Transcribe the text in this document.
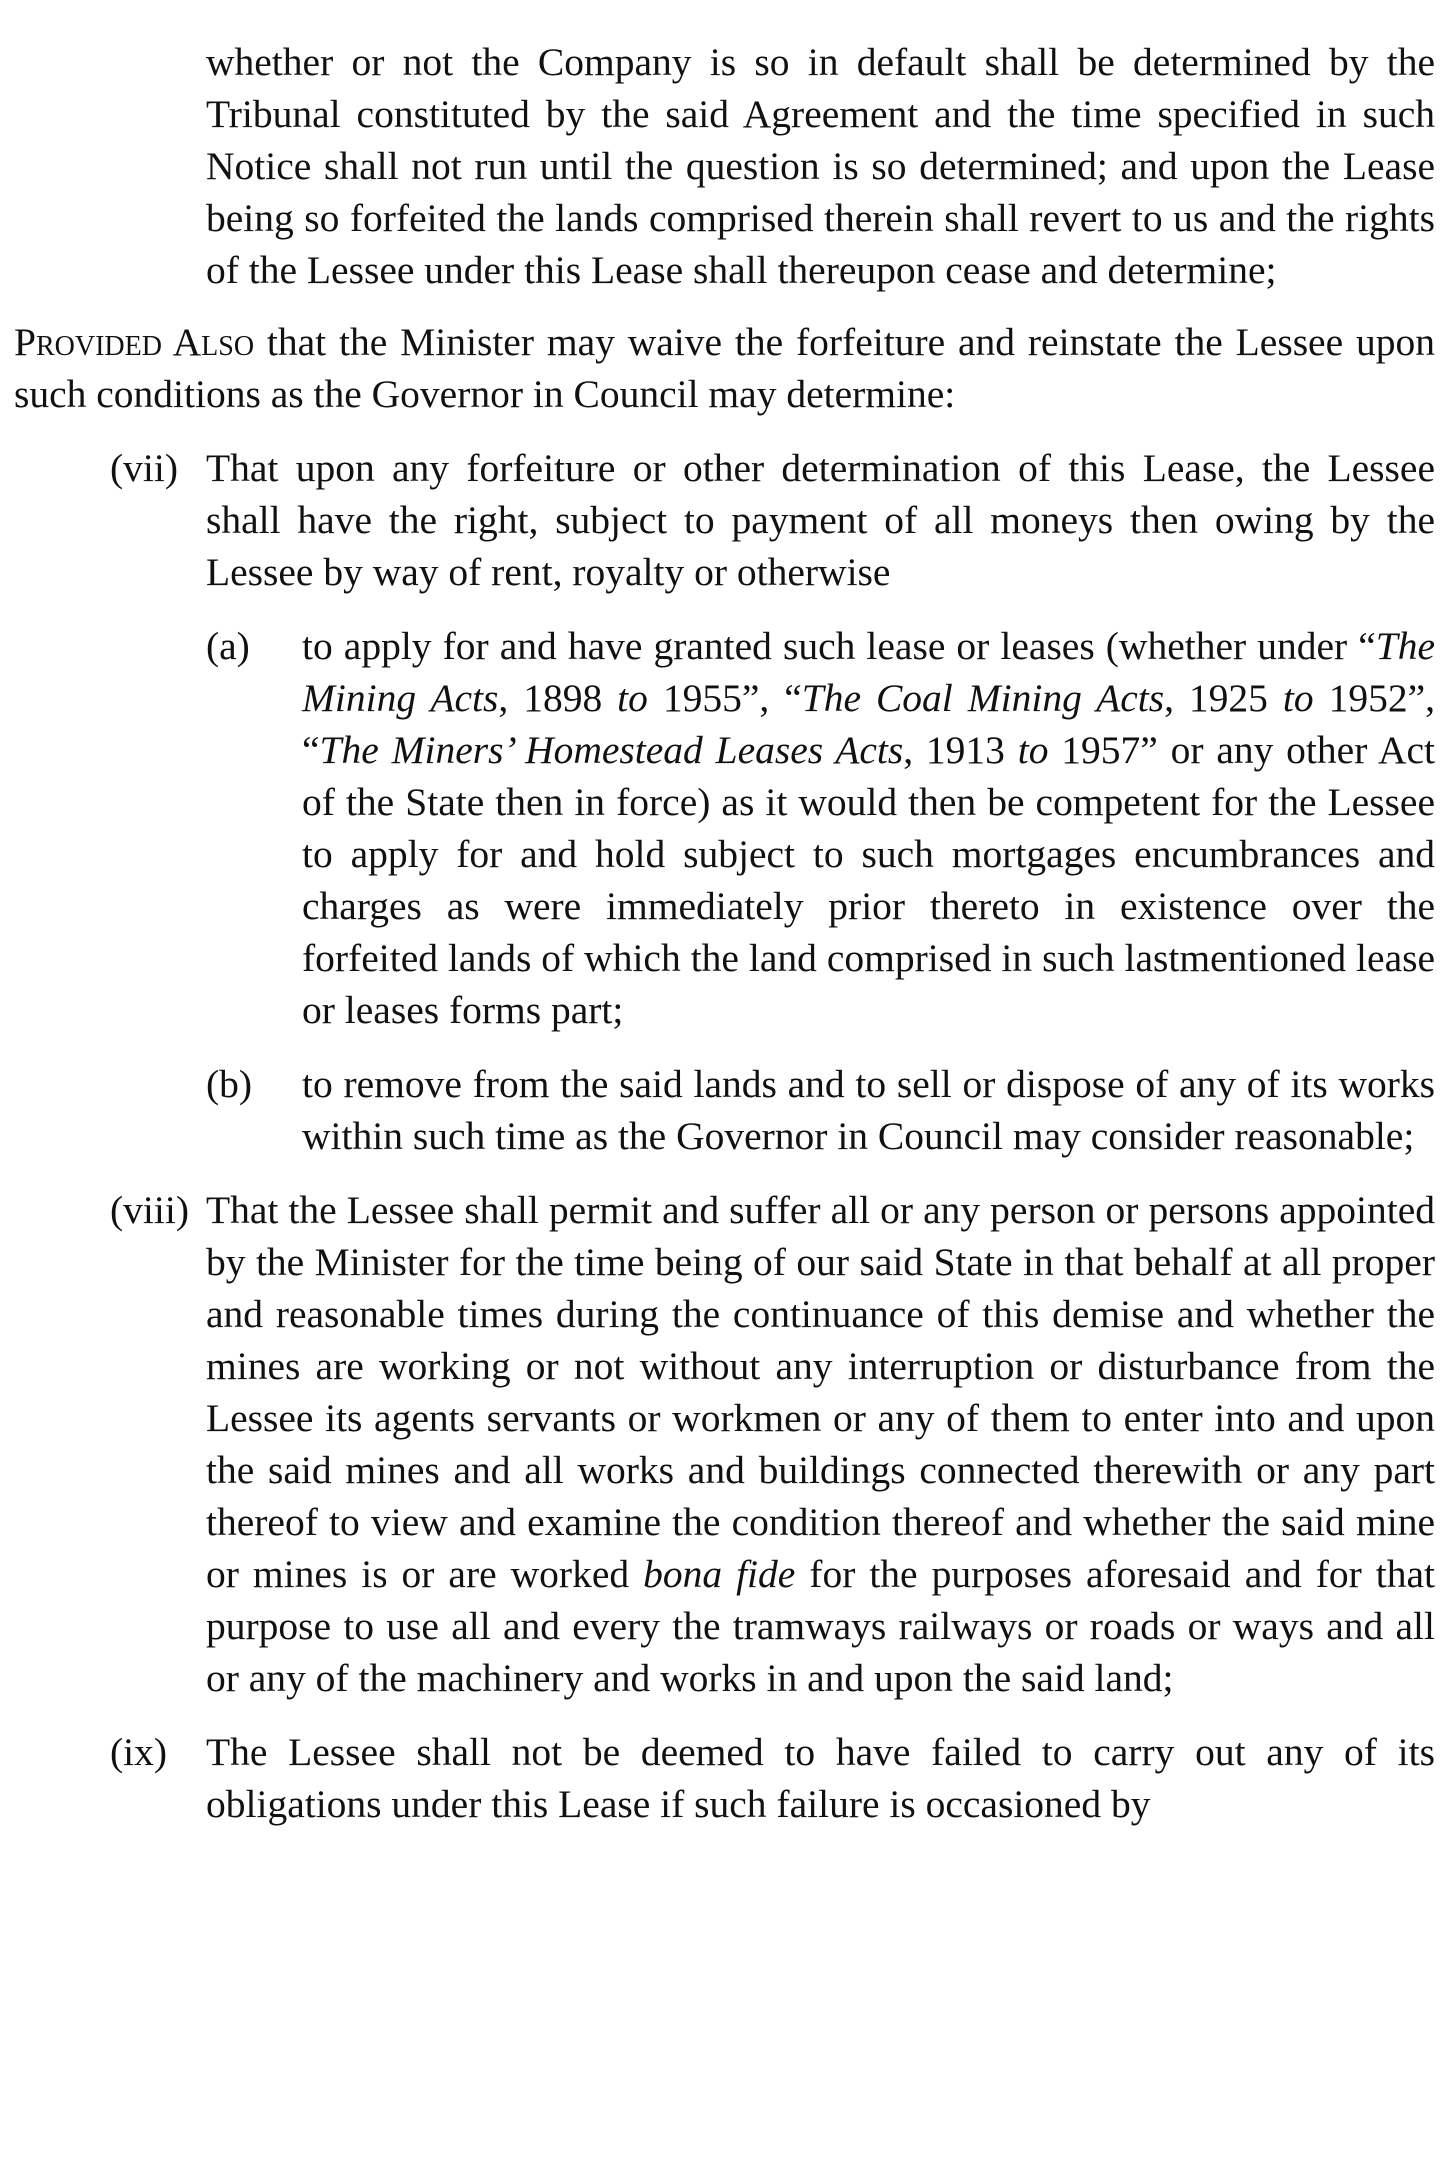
whether or not the Company is so in default shall be determined by the Tribunal constituted by the said Agreement and the time specified in such Notice shall not run until the question is so determined; and upon the Lease being so forfeited the lands comprised therein shall revert to us and the rights of the Lessee under this Lease shall thereupon cease and determine;

Provided Also that the Minister may waive the forfeiture and reinstate the Lessee upon such conditions as the Governor in Council may determine:

(vii) That upon any forfeiture or other determination of this Lease, the Lessee shall have the right, subject to payment of all moneys then owing by the Lessee by way of rent, royalty or otherwise

(a) to apply for and have granted such lease or leases (whether under “The Mining Acts, 1898 to 1955”, “The Coal Mining Acts, 1925 to 1952”, “The Miners’ Homestead Leases Acts, 1913 to 1957” or any other Act of the State then in force) as it would then be competent for the Lessee to apply for and hold subject to such mortgages encumbrances and charges as were immediately prior thereto in existence over the forfeited lands of which the land comprised in such lastmentioned lease or leases forms part;

(b) to remove from the said lands and to sell or dispose of any of its works within such time as the Governor in Council may consider reasonable;

(viii) That the Lessee shall permit and suffer all or any person or persons appointed by the Minister for the time being of our said State in that behalf at all proper and reasonable times during the continuance of this demise and whether the mines are working or not without any interruption or disturbance from the Lessee its agents servants or workmen or any of them to enter into and upon the said mines and all works and buildings connected therewith or any part thereof to view and examine the condition thereof and whether the said mine or mines is or are worked bona fide for the purposes aforesaid and for that purpose to use all and every the tramways railways or roads or ways and all or any of the machinery and works in and upon the said land;

(ix) The Lessee shall not be deemed to have failed to carry out any of its obligations under this Lease if such failure is occasioned by
